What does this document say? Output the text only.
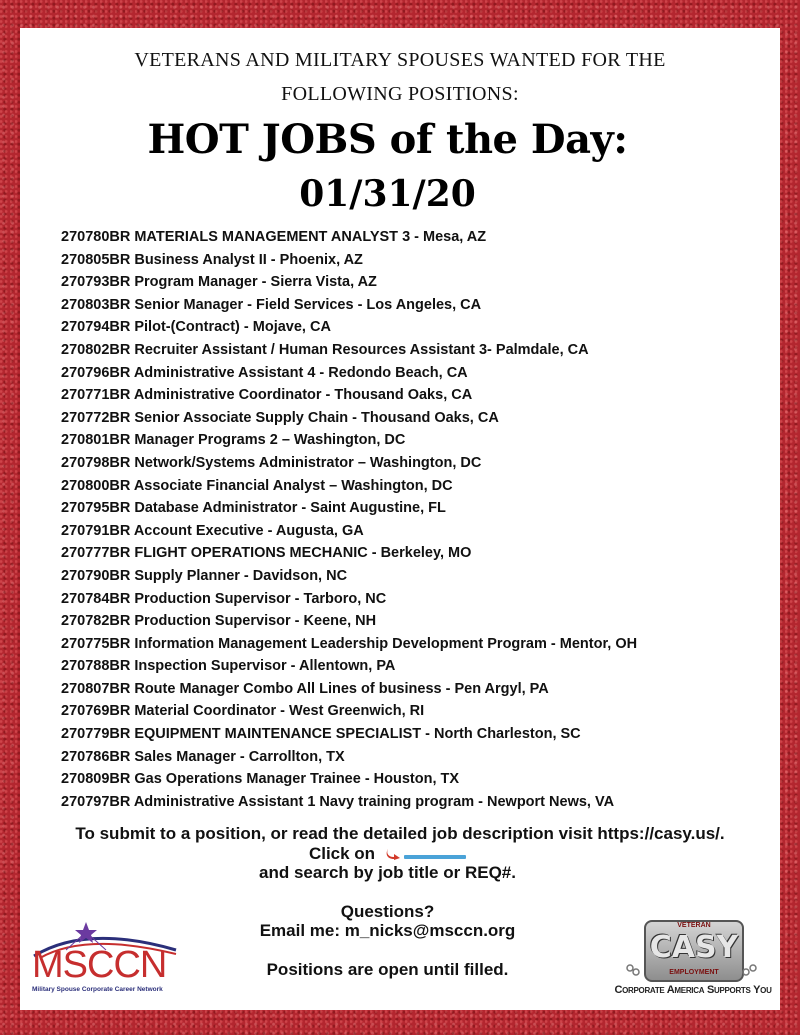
VETERANS AND MILITARY SPOUSES WANTED FOR THE
FOLLOWING POSITIONS:
HOT JOBS of the Day:
01/31/20
270780BR MATERIALS MANAGEMENT ANALYST 3 - Mesa, AZ
270805BR Business Analyst II - Phoenix, AZ
270793BR Program Manager - Sierra Vista, AZ
270803BR Senior Manager - Field Services - Los Angeles, CA
270794BR Pilot-(Contract) - Mojave, CA
270802BR Recruiter Assistant / Human Resources Assistant 3- Palmdale, CA
270796BR Administrative Assistant 4 - Redondo Beach, CA
270771BR Administrative Coordinator - Thousand Oaks, CA
270772BR Senior Associate Supply Chain - Thousand Oaks, CA
270801BR Manager Programs 2 – Washington, DC
270798BR Network/Systems Administrator – Washington, DC
270800BR Associate Financial Analyst – Washington, DC
270795BR Database Administrator - Saint Augustine, FL
270791BR Account Executive - Augusta, GA
270777BR FLIGHT OPERATIONS MECHANIC - Berkeley, MO
270790BR Supply Planner - Davidson, NC
270784BR Production Supervisor - Tarboro, NC
270782BR Production Supervisor - Keene, NH
270775BR Information Management Leadership Development Program - Mentor, OH
270788BR Inspection Supervisor - Allentown, PA
270807BR Route Manager Combo All Lines of business - Pen Argyl, PA
270769BR Material Coordinator - West Greenwich, RI
270779BR EQUIPMENT MAINTENANCE SPECIALIST - North Charleston, SC
270786BR Sales Manager - Carrollton, TX
270809BR Gas Operations Manager Trainee - Houston, TX
270797BR Administrative Assistant 1 Navy training program - Newport News, VA
To submit to a position, or read the detailed job description visit https://casy.us/.
Click on
and search by job title or REQ#.
Questions?
Email me: m_nicks@msccn.org
Positions are open until filled.
MSCCN
Military Spouse Corporate Career Network
VETERAN
CASY
EMPLOYMENT
Corporate America Supports You
